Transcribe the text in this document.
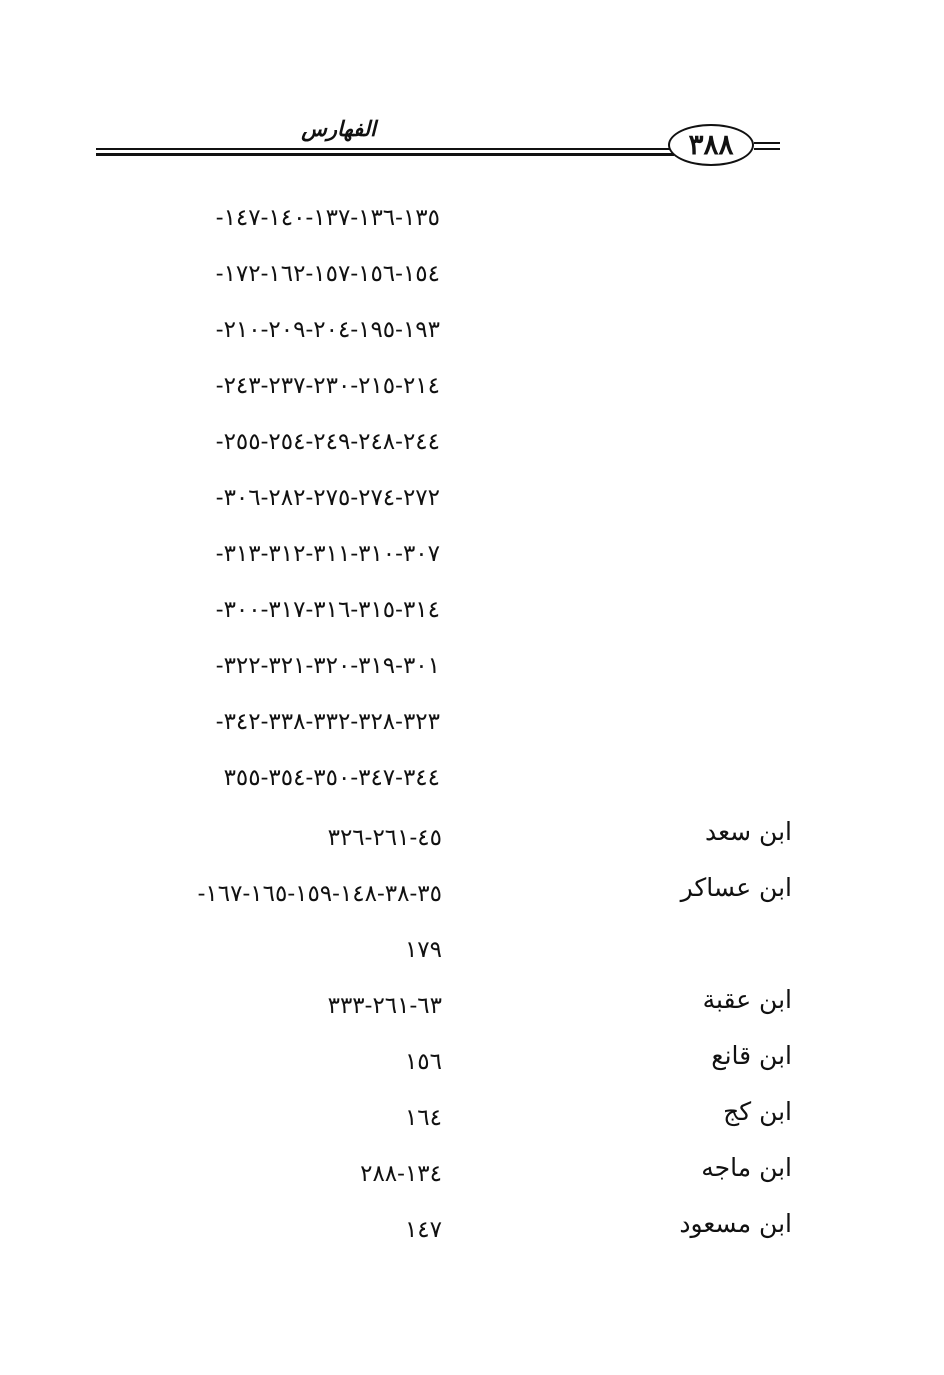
الفهارس	٣٨٨
-١٣٥-١٣٦-١٣٧-١٤٠-١٤٧
-١٥٤-١٥٦-١٥٧-١٦٢-١٧٢
-١٩٣-١٩٥-٢٠٤-٢٠٩-٢١٠
-٢١٤-٢١٥-٢٣٠-٢٣٧-٢٤٣
-٢٤٤-٢٤٨-٢٤٩-٢٥٤-٢٥٥
-٢٧٢-٢٧٤-٢٧٥-٢٨٢-٣٠٦
-٣٠٧-٣١٠-٣١١-٣١٢-٣١٣
-٣١٤-٣١٥-٣١٦-٣١٧-٣٠٠
-٣٠١-٣١٩-٣٢٠-٣٢١-٣٢٢
-٣٢٣-٣٢٨-٣٣٢-٣٣٨-٣٤٢
٣٤٤-٣٤٧-٣٥٠-٣٥٤-٣٥٥
ابن سعد
٤٥-٢٦١-٣٢٦
ابن عساكر
-٣٥-٣٨-١٤٨-١٥٩-١٦٥-١٦٧
١٧٩
ابن عقبة
٦٣-٢٦١-٣٣٣
ابن قانع
١٥٦
ابن كج
١٦٤
ابن ماجه
١٣٤-٢٨٨
ابن مسعود
١٤٧
